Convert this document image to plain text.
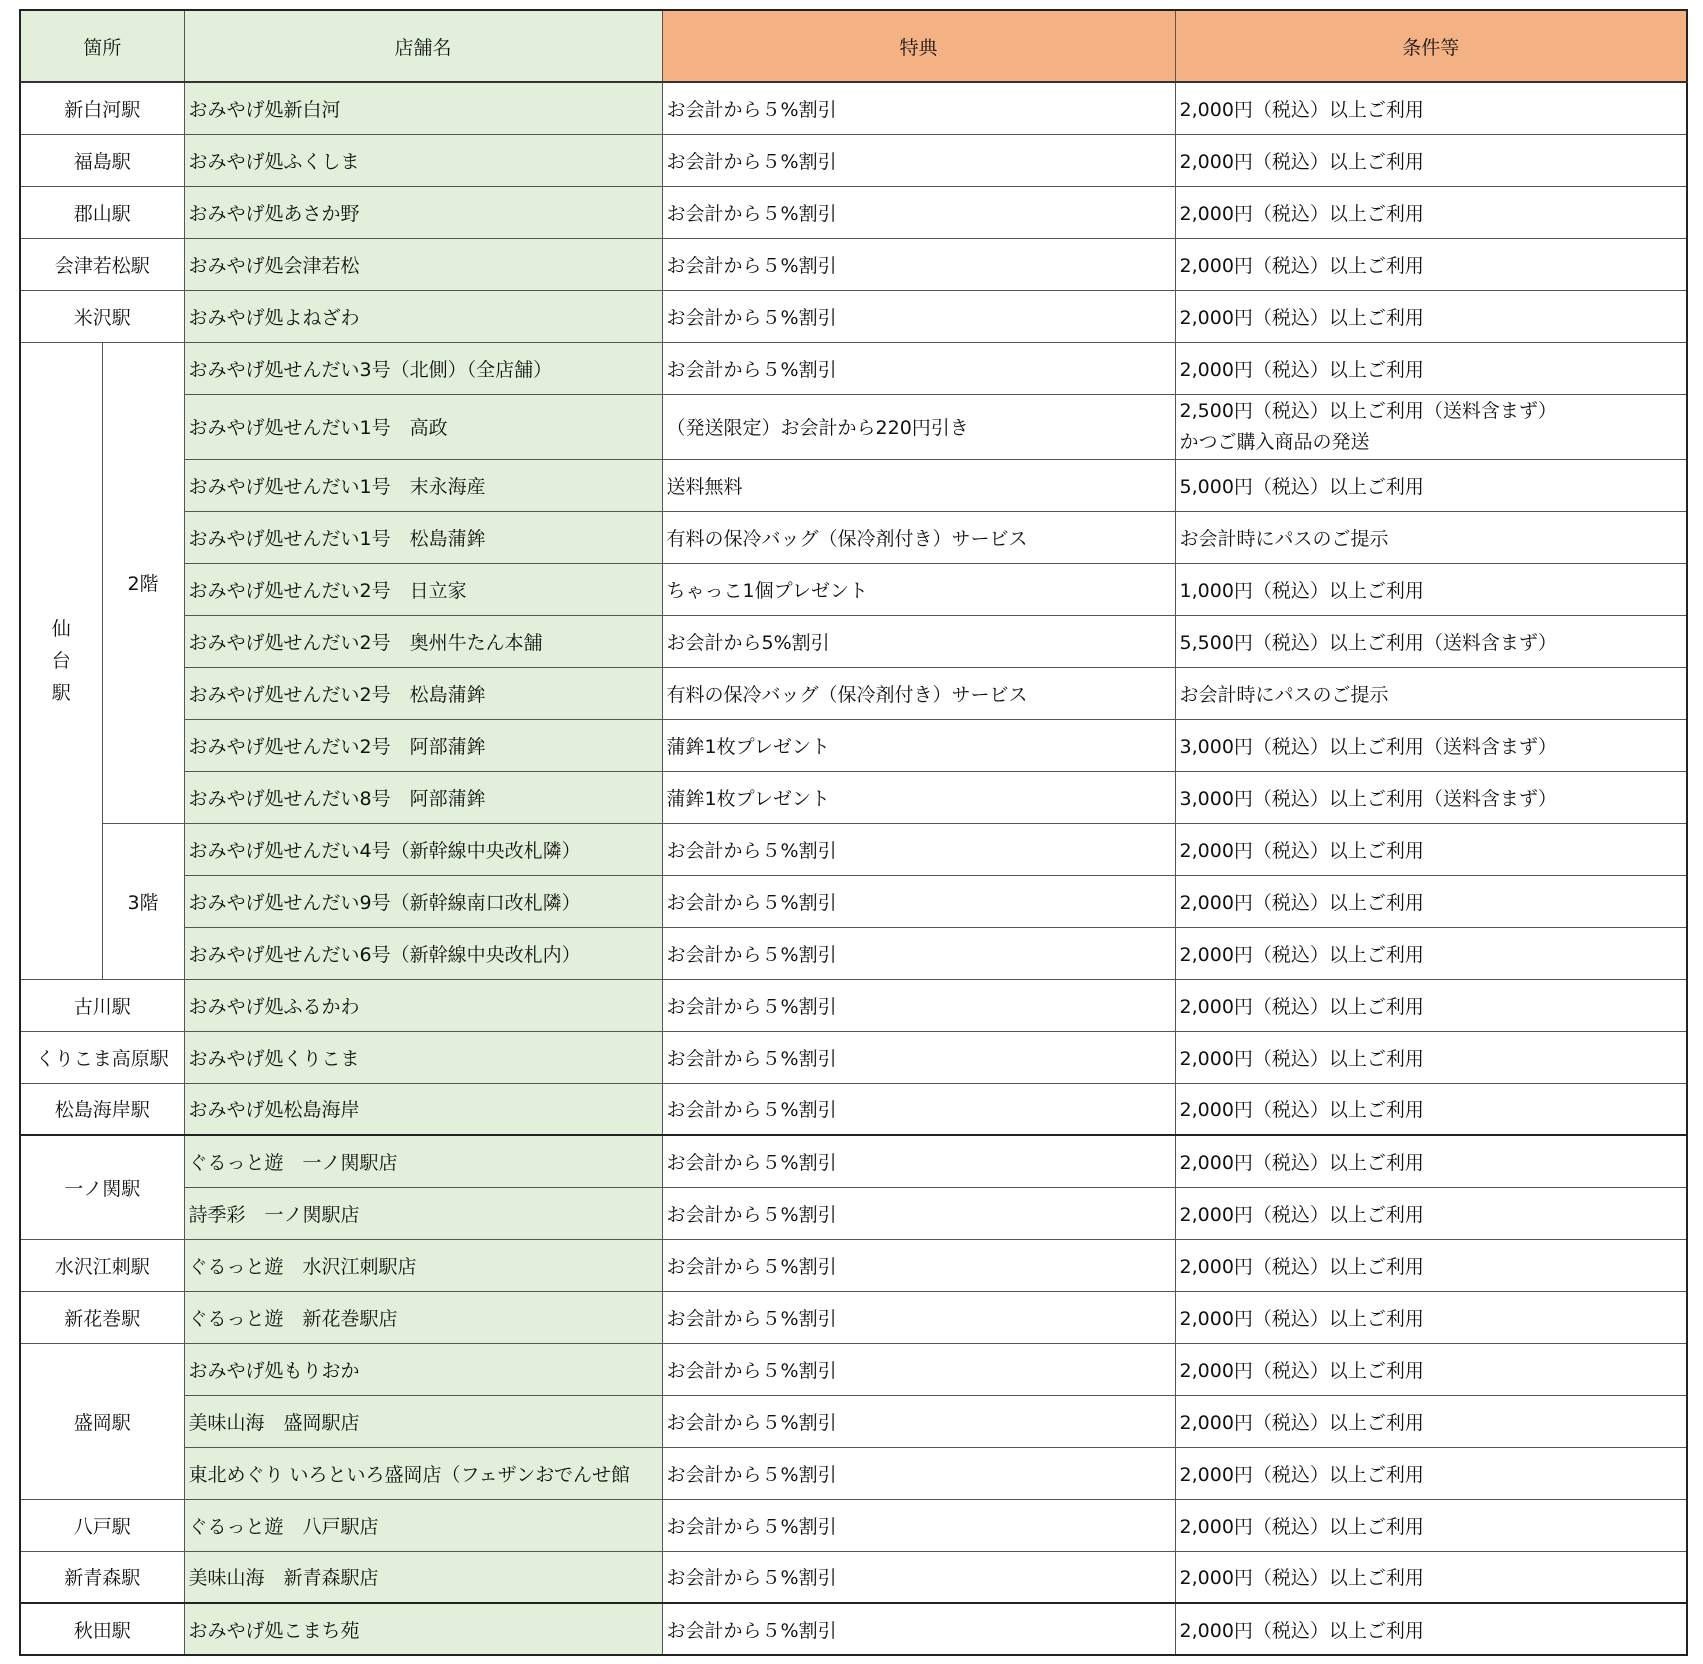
箇所		店舗名	特典	条件等
新白河駅		おみやげ処新白河	お会計から５%割引	2,000円（税込）以上ご利用
福島駅		おみやげ処ふくしま	お会計から５%割引	2,000円（税込）以上ご利用
郡山駅		おみやげ処あさか野	お会計から５%割引	2,000円（税込）以上ご利用
会津若松駅		おみやげ処会津若松	お会計から５%割引	2,000円（税込）以上ご利用
米沢駅		おみやげ処よねざわ	お会計から５%割引	2,000円（税込）以上ご利用
仙台駅	2階	おみやげ処せんだい3号（北側）（全店舗）	お会計から５%割引	2,000円（税込）以上ご利用
		おみやげ処せんだい1号　高政	（発送限定）お会計から220円引き	2,500円（税込）以上ご利用（送料含まず）
かつご購入商品の発送
		おみやげ処せんだい1号　末永海産	送料無料	5,000円（税込）以上ご利用
		おみやげ処せんだい1号　松島蒲鉾	有料の保冷バッグ（保冷剤付き）サービス	お会計時にパスのご提示
		おみやげ処せんだい2号　日立家	ちゃっこ1個プレゼント	1,000円（税込）以上ご利用
		おみやげ処せんだい2号　奥州牛たん本舗	お会計から5%割引	5,500円（税込）以上ご利用（送料含まず）
		おみやげ処せんだい2号　松島蒲鉾	有料の保冷バッグ（保冷剤付き）サービス	お会計時にパスのご提示
		おみやげ処せんだい2号　阿部蒲鉾	蒲鉾1枚プレゼント	3,000円（税込）以上ご利用（送料含まず）
		おみやげ処せんだい8号　阿部蒲鉾	蒲鉾1枚プレゼント	3,000円（税込）以上ご利用（送料含まず）
	3階	おみやげ処せんだい4号（新幹線中央改札隣）	お会計から５%割引	2,000円（税込）以上ご利用
		おみやげ処せんだい9号（新幹線南口改札隣）	お会計から５%割引	2,000円（税込）以上ご利用
		おみやげ処せんだい6号（新幹線中央改札内）	お会計から５%割引	2,000円（税込）以上ご利用
古川駅		おみやげ処ふるかわ	お会計から５%割引	2,000円（税込）以上ご利用
くりこま高原駅		おみやげ処くりこま	お会計から５%割引	2,000円（税込）以上ご利用
松島海岸駅		おみやげ処松島海岸	お会計から５%割引	2,000円（税込）以上ご利用
一ノ関駅		ぐるっと遊　一ノ関駅店	お会計から５%割引	2,000円（税込）以上ご利用
		詩季彩　一ノ関駅店	お会計から５%割引	2,000円（税込）以上ご利用
水沢江刺駅		ぐるっと遊　水沢江刺駅店	お会計から５%割引	2,000円（税込）以上ご利用
新花巻駅		ぐるっと遊　新花巻駅店	お会計から５%割引	2,000円（税込）以上ご利用
盛岡駅		おみやげ処もりおか	お会計から５%割引	2,000円（税込）以上ご利用
		美味山海　盛岡駅店	お会計から５%割引	2,000円（税込）以上ご利用
		東北めぐり いろといろ盛岡店（フェザンおでんせ館	お会計から５%割引	2,000円（税込）以上ご利用
八戸駅		ぐるっと遊　八戸駅店	お会計から５%割引	2,000円（税込）以上ご利用
新青森駅		美味山海　新青森駅店	お会計から５%割引	2,000円（税込）以上ご利用
秋田駅		おみやげ処こまち苑	お会計から５%割引	2,000円（税込）以上ご利用
